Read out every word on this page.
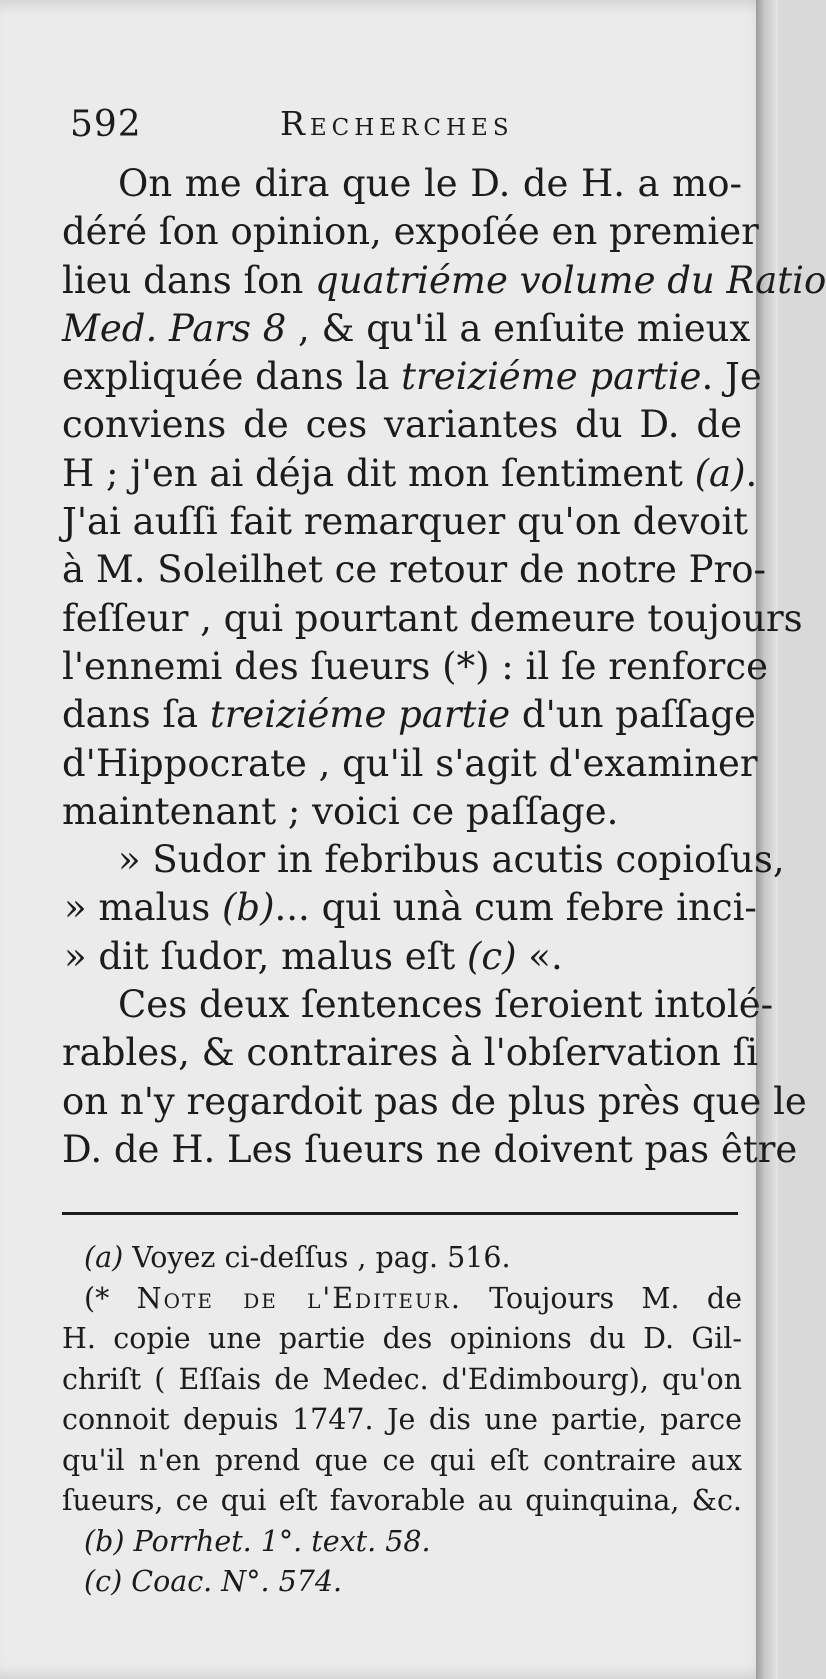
592	Recherches
On me dira que le D. de H. a mo-
déré ſon opinion, expoſée en premier
lieu dans ſon quatriéme volume du Ratio
Med. Pars 8 , & qu'il a enſuite mieux
expliquée dans la treiziéme partie. Je
conviens de ces variantes du D. de
H ; j'en ai déja dit mon ſentiment (a).
J'ai auſſi fait remarquer qu'on devoit
à M. Soleilhet ce retour de notre Pro-
feſſeur , qui pourtant demeure toujours
l'ennemi des ſueurs (*) : il ſe renforce
dans ſa treiziéme partie d'un paſſage
d'Hippocrate , qu'il s'agit d'examiner
maintenant ; voici ce paſſage.
» Sudor in febribus acutis copioſus,
» malus (b)... qui unà cum febre inci-
» dit ſudor, malus eſt (c) «.
Ces deux ſentences ſeroient intolé-
rables, & contraires à l'obſervation ſi
on n'y regardoit pas de plus près que le
D. de H. Les ſueurs ne doivent pas être
(a) Voyez ci-deſſus , pag. 516.
(* Note de l'Editeur. Toujours M. de
H. copie une partie des opinions du D. Gil-
chriſt ( Eſſais de Medec. d'Edimbourg), qu'on
connoit depuis 1747. Je dis une partie, parce
qu'il n'en prend que ce qui eſt contraire aux
ſueurs, ce qui eſt favorable au quinquina, &c.
(b) Porrhet. 1°. text. 58.
(c) Coac. N°. 574.
